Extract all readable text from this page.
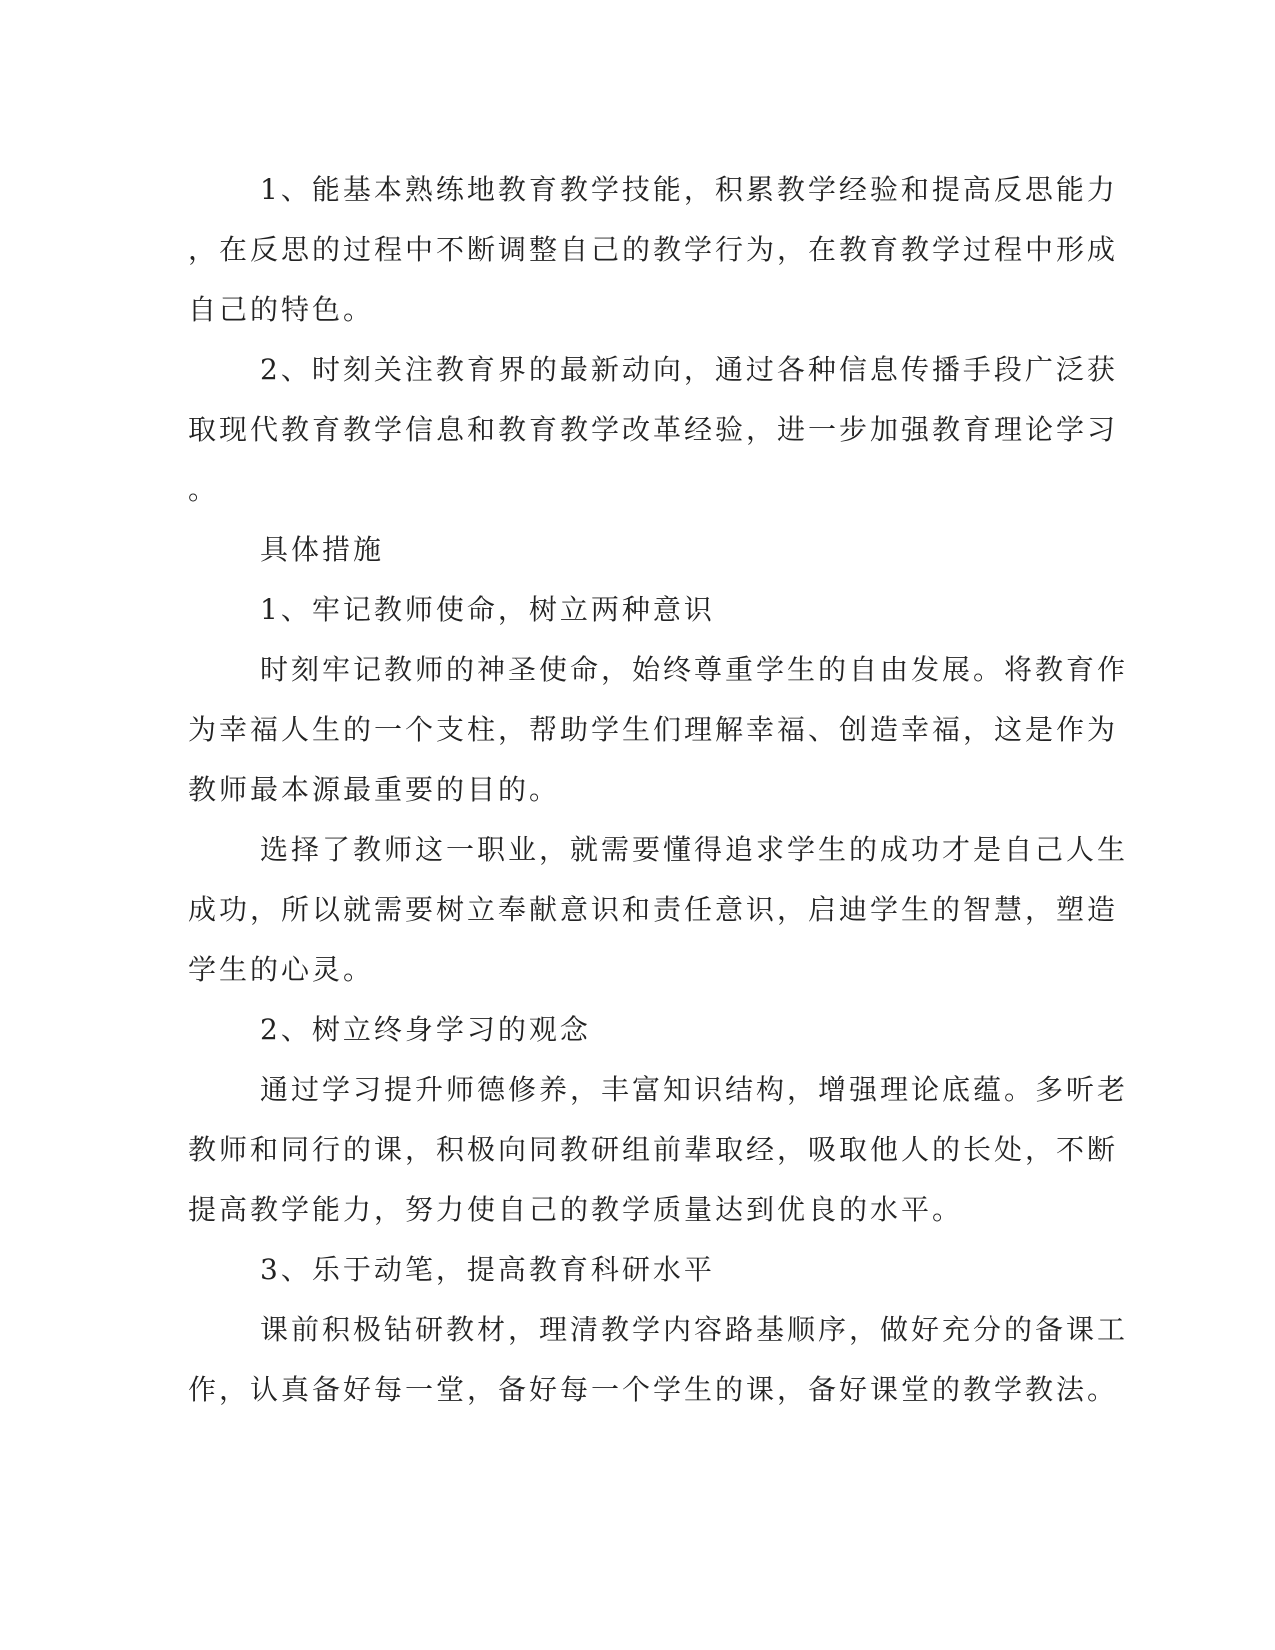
1、能基本熟练地教育教学技能，积累教学经验和提高反思能力
，在反思的过程中不断调整自己的教学行为，在教育教学过程中形成
自己的特色。
2、时刻关注教育界的最新动向，通过各种信息传播手段广泛获
取现代教育教学信息和教育教学改革经验，进一步加强教育理论学习
。
具体措施
1、牢记教师使命，树立两种意识
时刻牢记教师的神圣使命，始终尊重学生的自由发展。将教育作
为幸福人生的一个支柱，帮助学生们理解幸福、创造幸福，这是作为
教师最本源最重要的目的。
选择了教师这一职业，就需要懂得追求学生的成功才是自己人生
成功，所以就需要树立奉献意识和责任意识，启迪学生的智慧，塑造
学生的心灵。
2、树立终身学习的观念
通过学习提升师德修养，丰富知识结构，增强理论底蕴。多听老
教师和同行的课，积极向同教研组前辈取经，吸取他人的长处，不断
提高教学能力，努力使自己的教学质量达到优良的水平。
3、乐于动笔，提高教育科研水平
课前积极钻研教材，理清教学内容路基顺序，做好充分的备课工
作，认真备好每一堂，备好每一个学生的课，备好课堂的教学教法。
